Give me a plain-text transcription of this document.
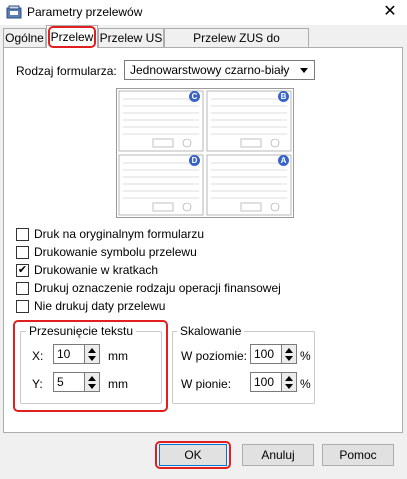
Parametry przelewów	✕
Ogólne Przelew Przelew US	Przelew ZUS do
Rodzaj formularza: Jednowarstwowy czarno-biały
C	B
D	A
Druk na oryginalnym formularzu
Drukowanie symbolu przelewu
✔ Drukowanie w kratkach
Drukuj oznaczenie rodzaju operacji finansowej
Nie drukuj daty przelewu
Przesunięcie tekstu
X:	10	mm
Y:	5	mm
Skalowanie
W poziomie: 100	%
W pionie:	100	%
OK	Anuluj	Pomoc
